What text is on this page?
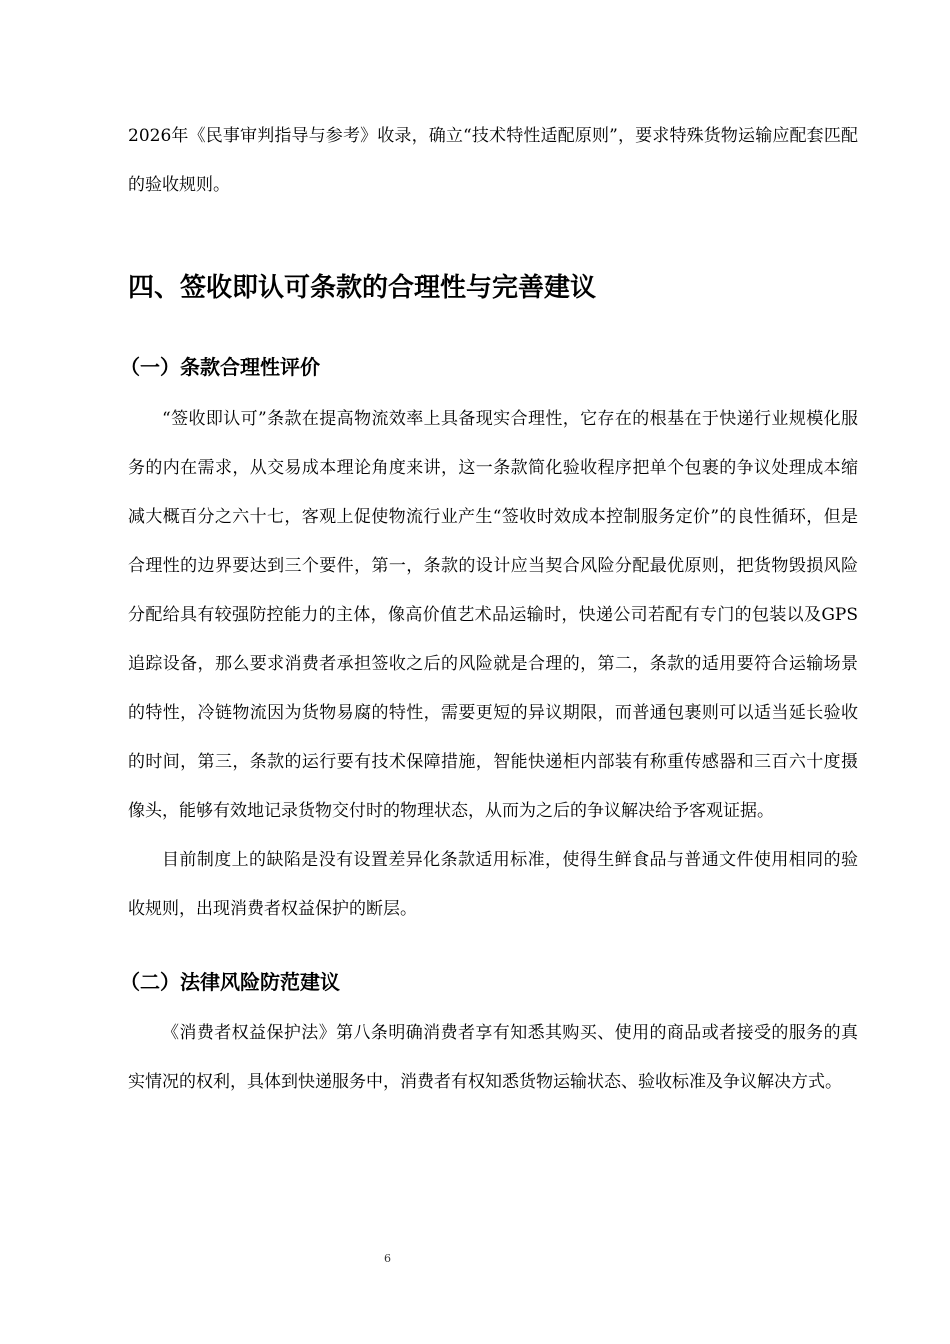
2026年《民事审判指导与参考》收录，确立“技术特性适配原则”，要求特殊货物运输应配套匹配的验收规则。

四、签收即认可条款的合理性与完善建议
（一）条款合理性评价

“签收即认可”条款在提高物流效率上具备现实合理性，它存在的根基在于快递行业规模化服务的内在需求，从交易成本理论角度来讲，这一条款简化验收程序把单个包裹的争议处理成本缩减大概百分之六十七，客观上促使物流行业产生“签收时效成本控制服务定价”的良性循环，但是合理性的边界要达到三个要件，第一，条款的设计应当契合风险分配最优原则，把货物毁损风险分配给具有较强防控能力的主体，像高价值艺术品运输时，快递公司若配有专门的包装以及GPS追踪设备，那么要求消费者承担签收之后的风险就是合理的，第二，条款的适用要符合运输场景的特性，冷链物流因为货物易腐的特性，需要更短的异议期限，而普通包裹则可以适当延长验收的时间，第三，条款的运行要有技术保障措施，智能快递柜内部装有称重传感器和三百六十度摄像头，能够有效地记录货物交付时的物理状态，从而为之后的争议解决给予客观证据。

目前制度上的缺陷是没有设置差异化条款适用标准，使得生鲜食品与普通文件使用相同的验收规则，出现消费者权益保护的断层。

（二）法律风险防范建议

《消费者权益保护法》第八条明确消费者享有知悉其购买、使用的商品或者接受的服务的真实情况的权利，具体到快递服务中，消费者有权知悉货物运输状态、验收标准及争议解决方式。

6
